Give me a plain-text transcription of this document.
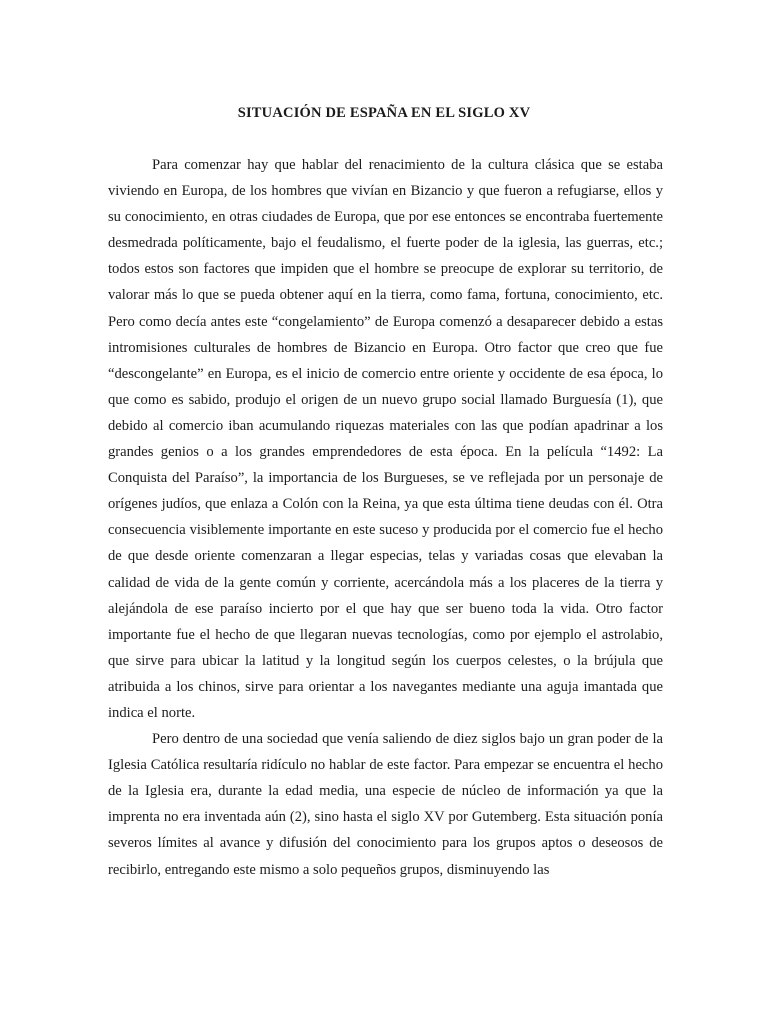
SITUACIÓN DE ESPAÑA EN EL SIGLO XV

Para comenzar hay que hablar del renacimiento de la cultura clásica que se estaba viviendo en Europa, de los hombres que vivían en Bizancio y que fueron a refugiarse, ellos y su conocimiento, en otras ciudades de Europa, que por ese entonces se encontraba fuertemente desmedrada políticamente, bajo el feudalismo, el fuerte poder de la iglesia, las guerras, etc.; todos estos son factores que impiden que el hombre se preocupe de explorar su territorio, de valorar más lo que se pueda obtener aquí en la tierra, como fama, fortuna, conocimiento, etc. Pero como decía antes este “congelamiento” de Europa comenzó a desaparecer debido a estas intromisiones culturales de hombres de Bizancio en Europa. Otro factor que creo que fue “descongelante” en Europa, es el inicio de comercio entre oriente y occidente de esa época, lo que como es sabido, produjo el origen de un nuevo grupo social llamado Burguesía (1), que debido al comercio iban acumulando riquezas materiales con las que podían apadrinar a los grandes genios o a los grandes emprendedores de esta época. En la película “1492: La Conquista del Paraíso”, la importancia de los Burgueses, se ve reflejada por un personaje de orígenes judíos, que enlaza a Colón con la Reina, ya que esta última tiene deudas con él. Otra consecuencia visiblemente importante en este suceso y producida por el comercio fue el hecho de que desde oriente comenzaran a llegar especias, telas y variadas cosas que elevaban la calidad de vida de la gente común y corriente, acercándola más a los placeres de la tierra y alejándola de ese paraíso incierto por el que hay que ser bueno toda la vida. Otro factor importante fue el hecho de que llegaran nuevas tecnologías, como por ejemplo el astrolabio, que sirve para ubicar la latitud y la longitud según los cuerpos celestes, o la brújula que atribuida a los chinos, sirve para orientar a los navegantes mediante una aguja imantada que indica el norte.

Pero dentro de una sociedad que venía saliendo de diez siglos bajo un gran poder de la Iglesia Católica resultaría ridículo no hablar de este factor. Para empezar se encuentra el hecho de la Iglesia era, durante la edad media, una especie de núcleo de información ya que la imprenta no era inventada aún (2), sino hasta el siglo XV por Gutemberg. Esta situación ponía severos límites al avance y difusión del conocimiento para los grupos aptos o deseosos de recibirlo, entregando este mismo a solo pequeños grupos, disminuyendo las
